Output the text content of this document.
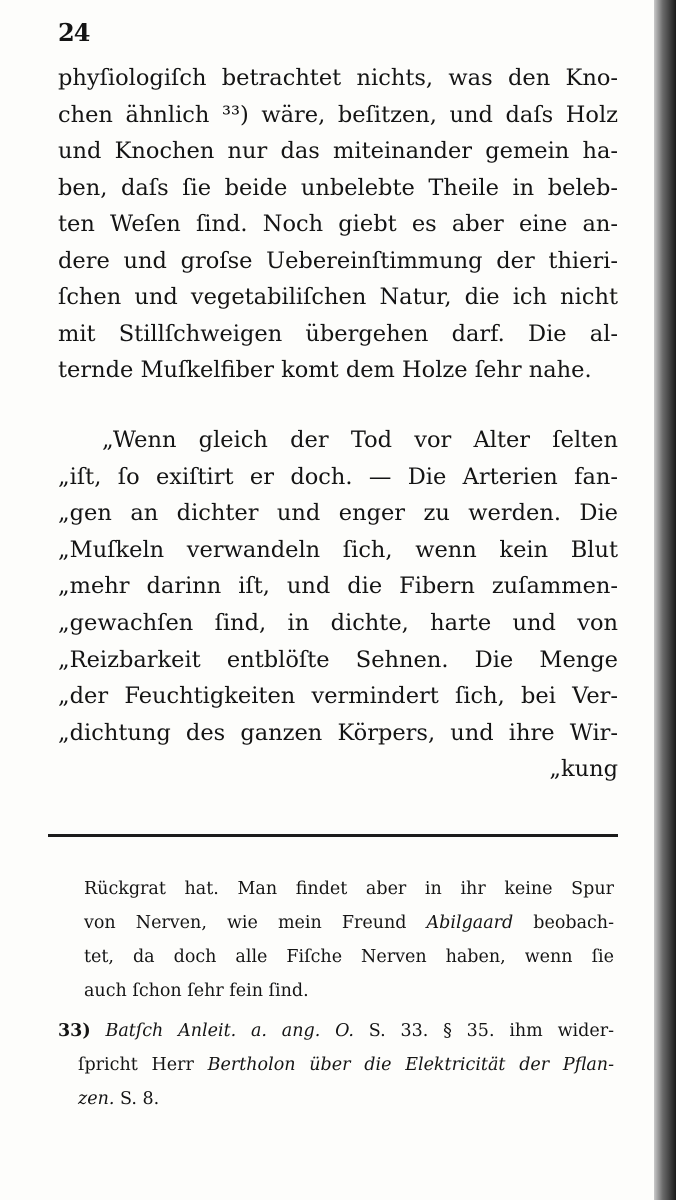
24
phyſiologiſch betrachtet nichts, was den Kno-
chen ähnlich ³³) wäre, beſitzen, und daſs Holz
und Knochen nur das miteinander gemein ha-
ben, daſs ſie beide unbelebte Theile in beleb-
ten Weſen ſind. Noch giebt es aber eine an-
dere und groſse Uebereinſtimmung der thieri-
ſchen und vegetabiliſchen Natur, die ich nicht
mit Stillſchweigen übergehen darf. Die al-
ternde Muſkelfiber komt dem Holze ſehr nahe.
„Wenn gleich der Tod vor Alter ſelten
„iſt, ſo exiſtirt er doch. — Die Arterien fan-
„gen an dichter und enger zu werden. Die
„Muſkeln verwandeln ſich, wenn kein Blut
„mehr darinn iſt, und die Fibern zuſammen-
„gewachſen ſind, in dichte, harte und von
„Reizbarkeit entblöſte Sehnen. Die Menge
„der Feuchtigkeiten vermindert ſich, bei Ver-
„dichtung des ganzen Körpers, und ihre Wir-
„kung
Rückgrat hat. Man findet aber in ihr keine Spur
von Nerven, wie mein Freund Abilgaard beobach-
tet, da doch alle Fiſche Nerven haben, wenn ſie
auch ſchon ſehr fein ſind.
33) Batſch Anleit. a. ang. O. S. 33. § 35. ihm wider-
ſpricht Herr Bertholon über die Elektricität der Pflan-
zen. S. 8.
